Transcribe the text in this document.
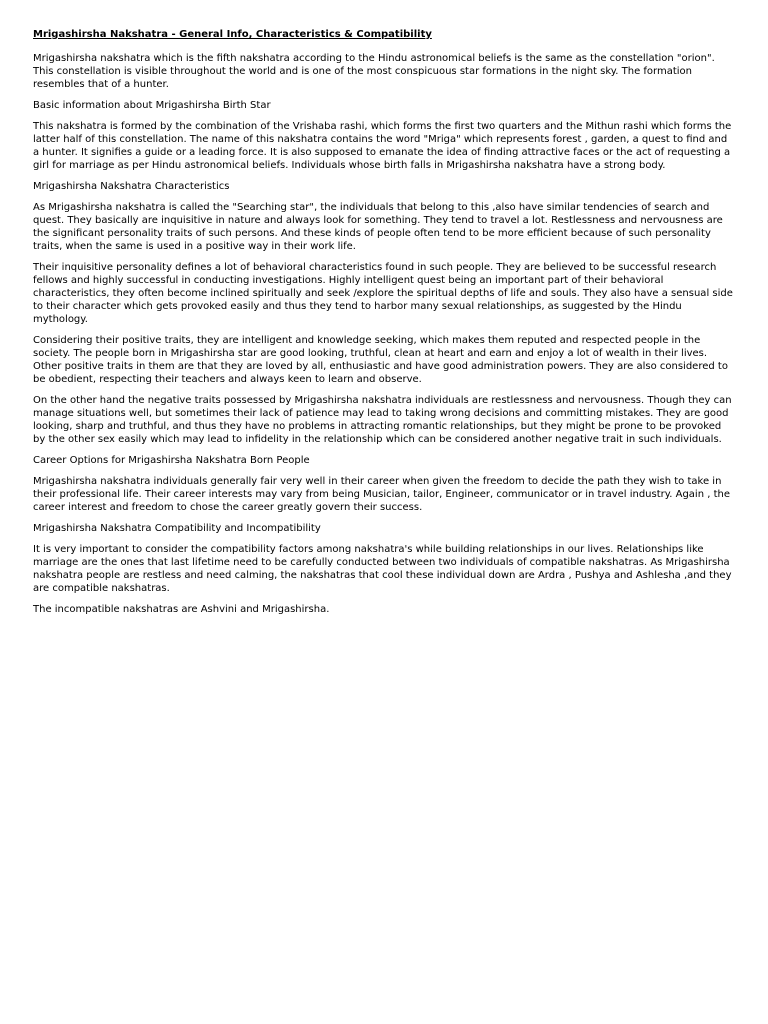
Mrigashirsha Nakshatra - General Info, Characteristics & Compatibility

Mrigashirsha nakshatra which is the fifth nakshatra according to the Hindu astronomical beliefs is the same as the constellation "orion". This constellation is visible throughout the world and is one of the most conspicuous star formations in the night sky. The formation resembles that of a hunter.

Basic information about Mrigashirsha Birth Star

This nakshatra is formed by the combination of the Vrishaba rashi, which forms the first two quarters and the Mithun rashi which forms the latter half of this constellation. The name of this nakshatra contains the word "Mriga" which represents forest , garden, a quest to find and a hunter. It signifies a guide or a leading force. It is also supposed to emanate the idea of finding attractive faces or the act of requesting a girl for marriage as per Hindu astronomical beliefs. Individuals whose birth falls in Mrigashirsha nakshatra have a strong body.

Mrigashirsha Nakshatra Characteristics

As Mrigashirsha nakshatra is called the "Searching star", the individuals that belong to this ,also have similar tendencies of search and quest. They basically are inquisitive in nature and always look for something. They tend to travel a lot. Restlessness and nervousness are the significant personality traits of such persons. And these kinds of people often tend to be more efficient because of such personality traits, when the same is used in a positive way in their work life.

Their inquisitive personality defines a lot of behavioral characteristics found in such people. They are believed to be successful research fellows and highly successful in conducting investigations. Highly intelligent quest being an important part of their behavioral characteristics, they often become inclined spiritually and seek /explore the spiritual depths of life and souls. They also have a sensual side to their character which gets provoked easily and thus they tend to harbor many sexual relationships, as suggested by the Hindu mythology.

Considering their positive traits, they are intelligent and knowledge seeking, which makes them reputed and respected people in the society. The people born in Mrigashirsha star are good looking, truthful, clean at heart and earn and enjoy a lot of wealth in their lives. Other positive traits in them are that they are loved by all, enthusiastic and have good administration powers. They are also considered to be obedient, respecting their teachers and always keen to learn and observe.

On the other hand the negative traits possessed by Mrigashirsha nakshatra individuals are restlessness and nervousness. Though they can manage situations well, but sometimes their lack of patience may lead to taking wrong decisions and committing mistakes. They are good looking, sharp and truthful, and thus they have no problems in attracting romantic relationships, but they might be prone to be provoked by the other sex easily which may lead to infidelity in the relationship which can be considered another negative trait in such individuals.

Career Options for Mrigashirsha Nakshatra Born People

Mrigashirsha nakshatra individuals generally fair very well in their career when given the freedom to decide the path they wish to take in their professional life. Their career interests may vary from being Musician, tailor, Engineer, communicator or in travel industry. Again , the career interest and freedom to chose the career greatly govern their success.

Mrigashirsha Nakshatra Compatibility and Incompatibility

It is very important to consider the compatibility factors among nakshatra's while building relationships in our lives. Relationships like marriage are the ones that last lifetime need to be carefully conducted between two individuals of compatible nakshatras. As Mrigashirsha nakshatra people are restless and need calming, the nakshatras that cool these individual down are Ardra , Pushya and Ashlesha ,and they are compatible nakshatras.

The incompatible nakshatras are Ashvini and Mrigashirsha.
